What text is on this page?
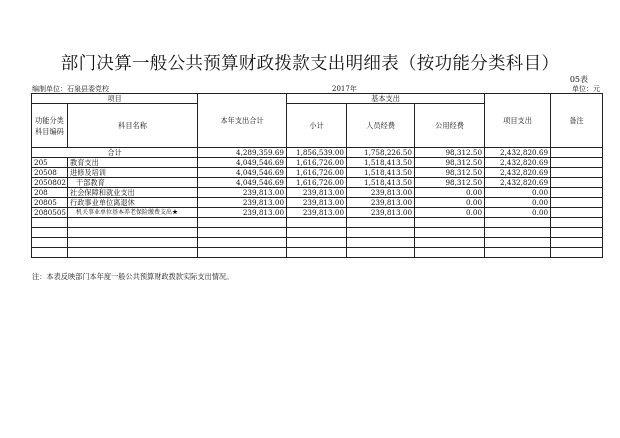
部门决算一般公共预算财政拨款支出明细表（按功能分类科目）
05表
编制单位：石泉县委党校	2017年	单位：元
项目		本年支出合计	基本支出			项目支出	备注
功能分类科目编码	科目名称		小计	人员经费	公用经费		
合计		4,289,359.69	1,856,539.00	1,758,226.50	98,312.50	2,432,820.69	
205	教育支出	4,049,546.69	1,616,726.00	1,518,413.50	98,312.50	2,432,820.69	
20508	进修及培训	4,049,546.69	1,616,726.00	1,518,413.50	98,312.50	2,432,820.69	
2050802	干部教育	4,049,546.69	1,616,726.00	1,518,413.50	98,312.50	2,432,820.69	
208	社会保障和就业支出	239,813.00	239,813.00	239,813.00	0.00	0.00	
20805	行政事业单位离退休	239,813.00	239,813.00	239,813.00	0.00	0.00	
2080505	机关事业单位基本养老保险缴费支出★	239,813.00	239,813.00	239,813.00	0.00	0.00	

注：本表反映部门本年度一般公共预算财政拨款实际支出情况。
